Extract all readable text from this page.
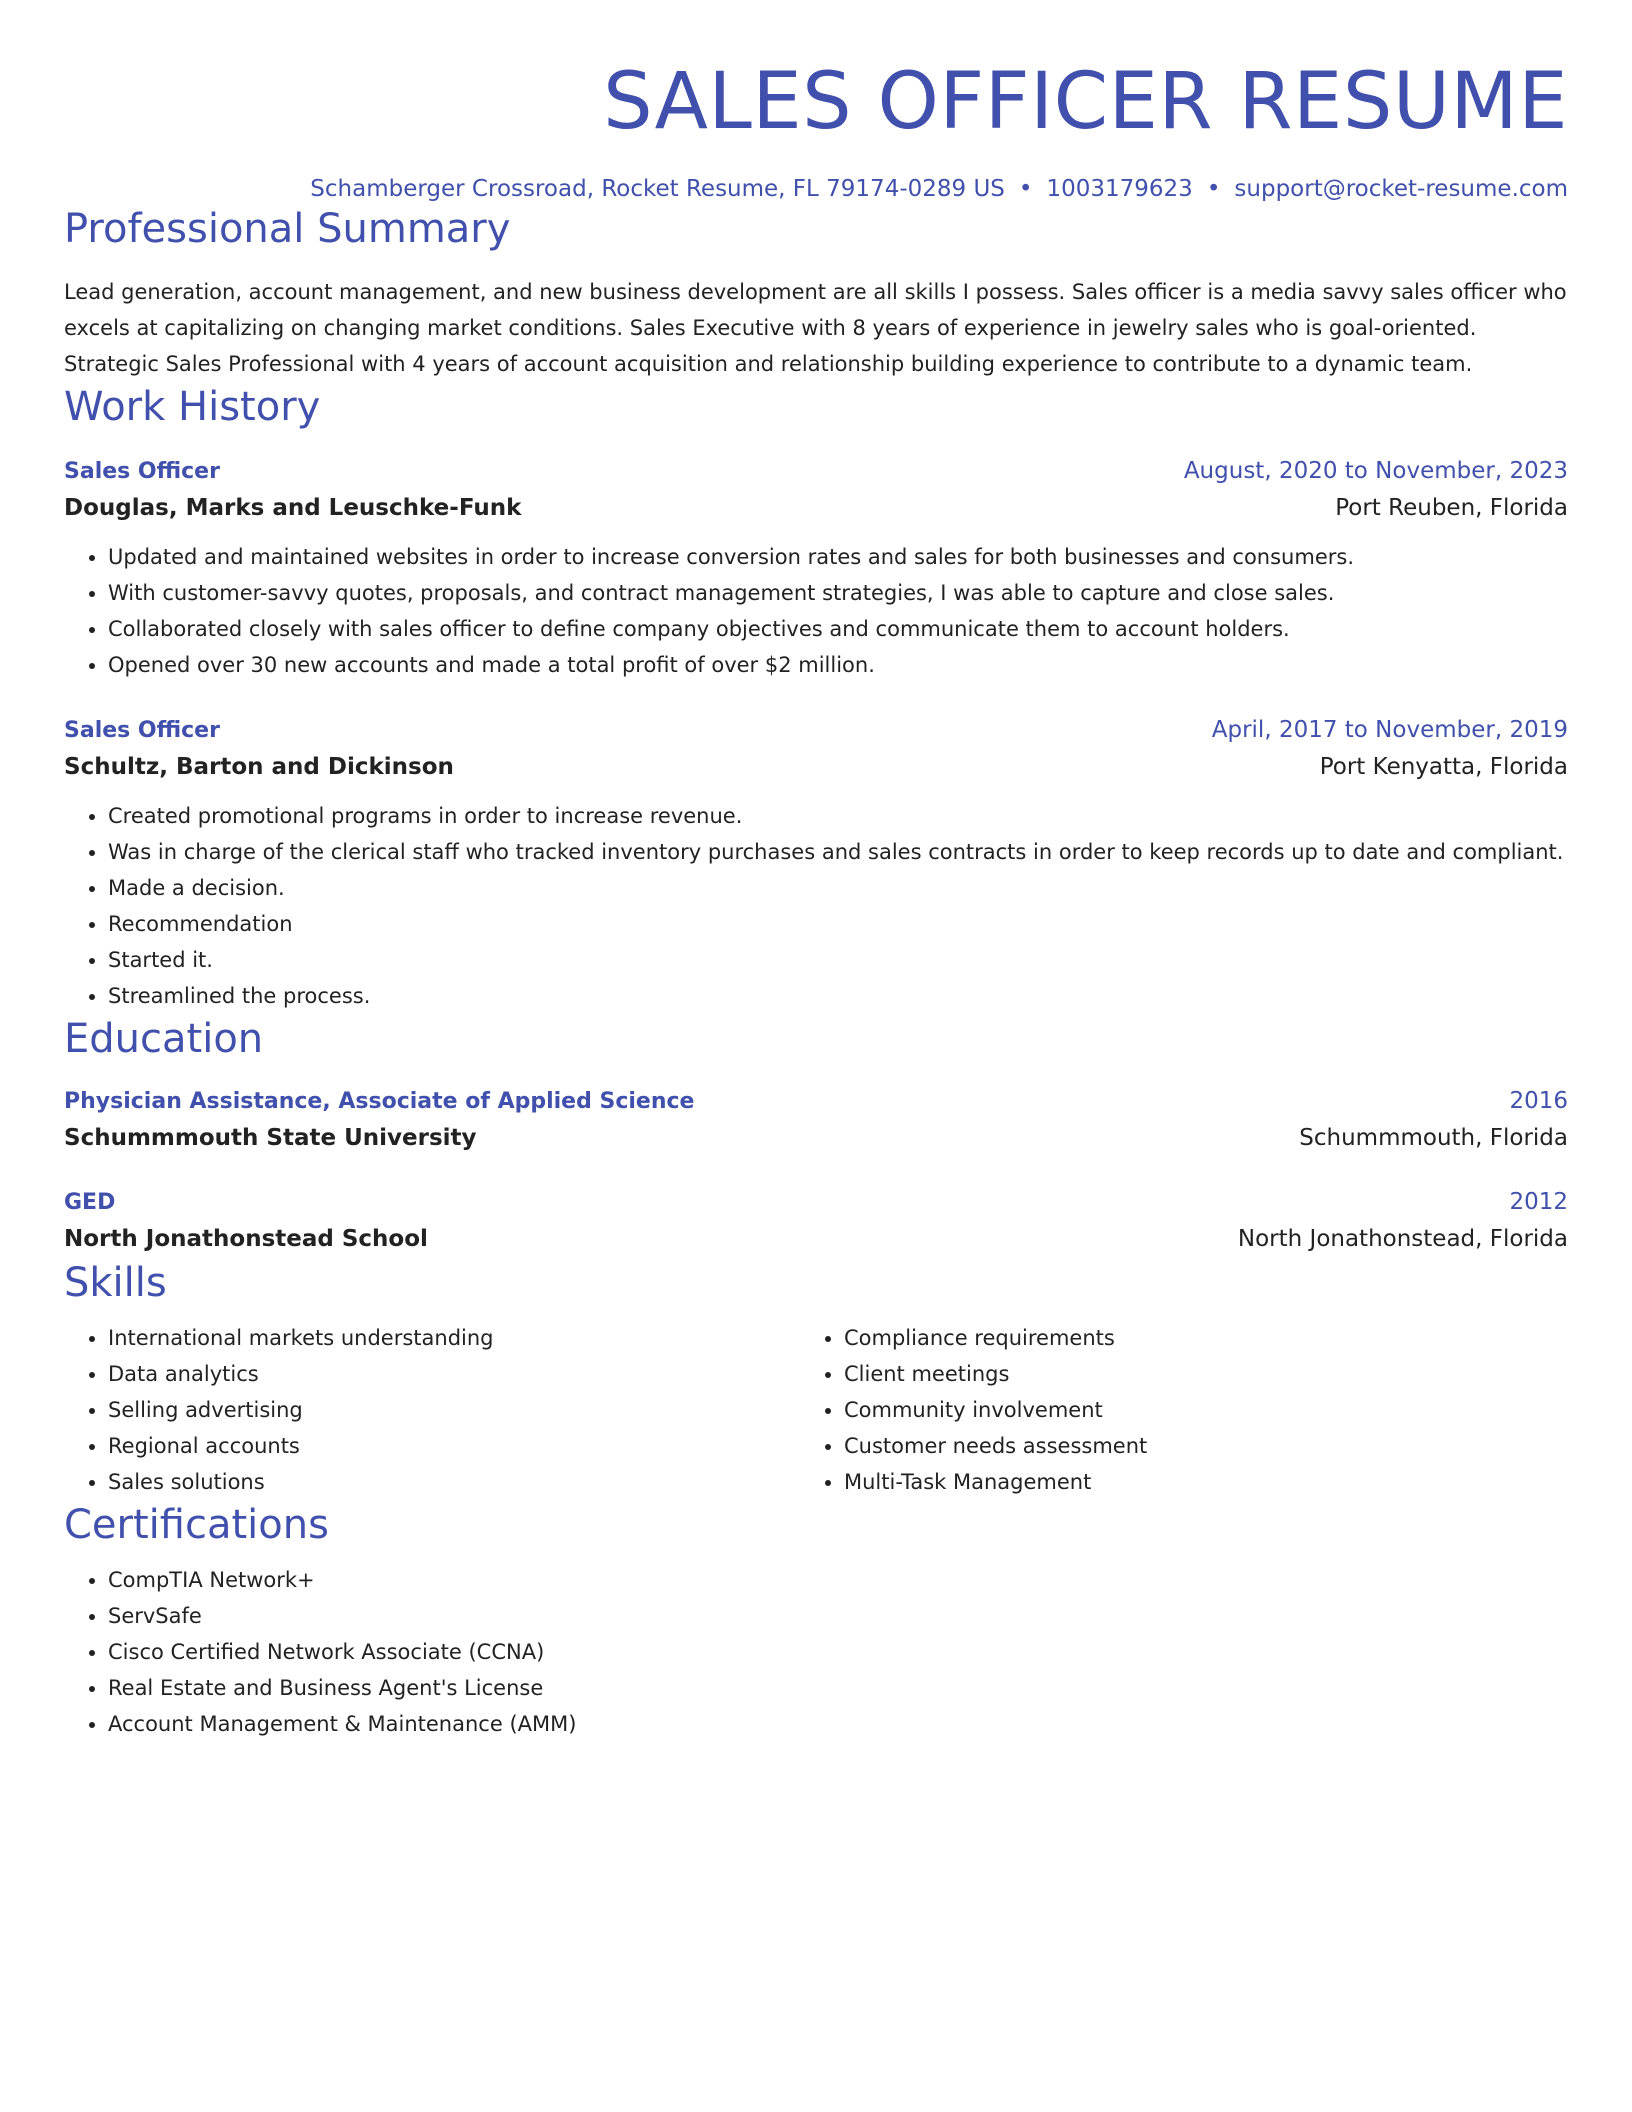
SALES OFFICER RESUME
Schamberger Crossroad, Rocket Resume, FL 79174-0289 US • 1003179623 • support@rocket-resume.com
Professional Summary
Lead generation, account management, and new business development are all skills I possess. Sales officer is a media savvy sales officer who excels at capitalizing on changing market conditions. Sales Executive with 8 years of experience in jewelry sales who is goal-oriented. Strategic Sales Professional with 4 years of account acquisition and relationship building experience to contribute to a dynamic team.
Work History
Sales Officer	August, 2020 to November, 2023
Douglas, Marks and Leuschke-Funk	Port Reuben, Florida
• Updated and maintained websites in order to increase conversion rates and sales for both businesses and consumers.
• With customer-savvy quotes, proposals, and contract management strategies, I was able to capture and close sales.
• Collaborated closely with sales officer to define company objectives and communicate them to account holders.
• Opened over 30 new accounts and made a total profit of over $2 million.
Sales Officer	April, 2017 to November, 2019
Schultz, Barton and Dickinson	Port Kenyatta, Florida
• Created promotional programs in order to increase revenue.
• Was in charge of the clerical staff who tracked inventory purchases and sales contracts in order to keep records up to date and compliant.
• Made a decision.
• Recommendation
• Started it.
• Streamlined the process.
Education
Physician Assistance, Associate of Applied Science	2016
Schummmouth State University	Schummmouth, Florida
GED	2012
North Jonathonstead School	North Jonathonstead, Florida
Skills
• International markets understanding
• Data analytics
• Selling advertising
• Regional accounts
• Sales solutions
• Compliance requirements
• Client meetings
• Community involvement
• Customer needs assessment
• Multi-Task Management
Certifications
• CompTIA Network+
• ServSafe
• Cisco Certified Network Associate (CCNA)
• Real Estate and Business Agent's License
• Account Management & Maintenance (AMM)
